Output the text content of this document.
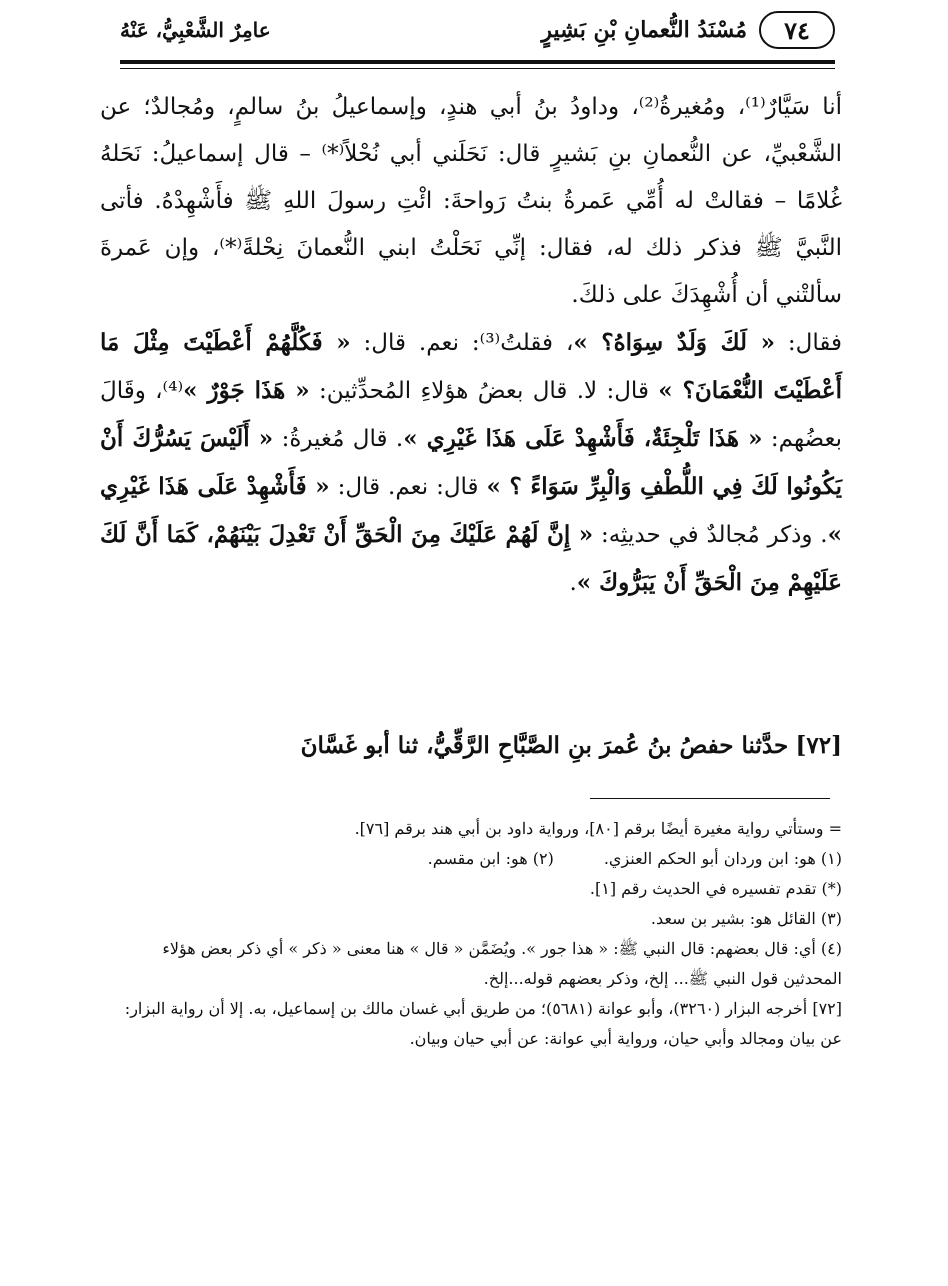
٧٤
مُسْنَدُ النُّعمانِ بْنِ بَشِيرٍ
عامِرٌ الشَّعْبِيُّ، عَنْهُ

أنا سَيَّارٌ⁽¹⁾، ومُغيرةُ⁽²⁾، وداودُ بنُ أبي هندٍ، وإسماعيلُ بنُ سالمٍ، ومُجالدٌ؛ عن الشَّعْبيِّ، عن النُّعمانِ بنِ بَشيرٍ قال: نَحَلَني أبي نُحْلاً⁽*⁾ – قال إسماعيلُ: نَحَلهُ غُلامًا – فقالتْ له أُمِّي عَمرةُ بنتُ رَواحةَ: ائْتِ رسولَ اللهِ ﷺ فأَشْهِدْهُ. فأتى النَّبيَّ ﷺ فذكر ذلك له، فقال: إنِّي نَحَلْتُ ابني النُّعمانَ نِحْلةً⁽*⁾، وإن عَمرةَ سألتْني أن أُشْهِدَكَ على ذلكَ.

فقال: « لَكَ وَلَدٌ سِوَاهُ؟ »، فقلتُ⁽³⁾: نعم. قال: « فَكُلَّهُمْ أَعْطَيْتَ مِثْلَ مَا أَعْطَيْتَ النُّعْمَانَ؟ » قال: لا. قال بعضُ هؤلاءِ المُحدِّثين: « هَذَا جَوْرٌ »⁽⁴⁾، وقَالَ بعضُهم: « هَذَا تَلْجِئَةٌ، فَأَشْهِدْ عَلَى هَذَا غَيْرِي ». قال مُغيرةُ: « أَلَيْسَ يَسُرُّكَ أَنْ يَكُونُوا لَكَ فِي اللُّطْفِ وَالْبِرِّ سَوَاءً ؟ » قال: نعم. قال: « فَأَشْهِدْ عَلَى هَذَا غَيْرِي ». وذكر مُجالدٌ في حديثِه: « إِنَّ لَهُمْ عَلَيْكَ مِنَ الْحَقِّ أَنْ تَعْدِلَ بَيْنَهُمْ، كَمَا أَنَّ لَكَ عَلَيْهِمْ مِنَ الْحَقِّ أَنْ يَبَرُّوكَ ».

[٧٢] حدَّثنا حفصُ بنُ عُمرَ بنِ الصَّبَّاحِ الرَّقِّيُّ، ثنا أبو غَسَّانَ

= وستأتي رواية مغيرة أيضًا برقم [٨٠]، ورواية داود بن أبي هند برقم [٧٦].

(١) هو: ابن وردان أبو الحكم العنزي.
(٢) هو: ابن مقسم.

(*) تقدم تفسيره في الحديث رقم [١].

(٣) القائل هو: بشير بن سعد.

(٤) أي: قال بعضهم: قال النبي ﷺ: « هذا جور ». ويُضَمَّن « قال » هنا معنى « ذكر » أي ذكر بعض هؤلاء المحدثين قول النبي ﷺ... إلخ، وذكر بعضهم قوله...إلخ.

[٧٢] أخرجه البزار (٣٢٦٠)، وأبو عوانة (٥٦٨١)؛ من طريق أبي غسان مالك بن إسماعيل، به. إلا أن رواية البزار: عن بيان ومجالد وأبي حيان، ورواية أبي عوانة: عن أبي حيان وبيان.
